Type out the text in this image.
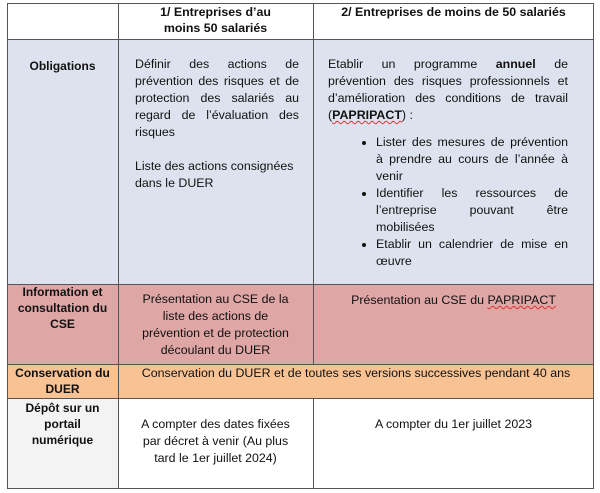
1/ Entreprises d’au moins 50 salariés
2/ Entreprises de moins de 50 salariés
Obligations	Définir des actions de prévention des risques et de protection des salariés au regard de l’évaluation des risques

Liste des actions consignées dans le DUER

Etablir un programme annuel de prévention des risques professionnels et d’amélioration des conditions de travail (PAPRIPACT) :

• Lister des mesures de prévention à prendre au cours de l’année à venir
• Identifier les ressources de l’entreprise pouvant être mobilisées
• Etablir un calendrier de mise en œuvre
Information et consultation du CSE
Présentation au CSE de la liste des actions de prévention et de protection découlant du DUER
Présentation au CSE du PAPRIPACT
Conservation du DUER
Conservation du DUER et de toutes ses versions successives pendant 40 ans
Dépôt sur un portail numérique
A compter des dates fixées par décret à venir (Au plus tard le 1er juillet 2024)
A compter du 1er juillet 2023
